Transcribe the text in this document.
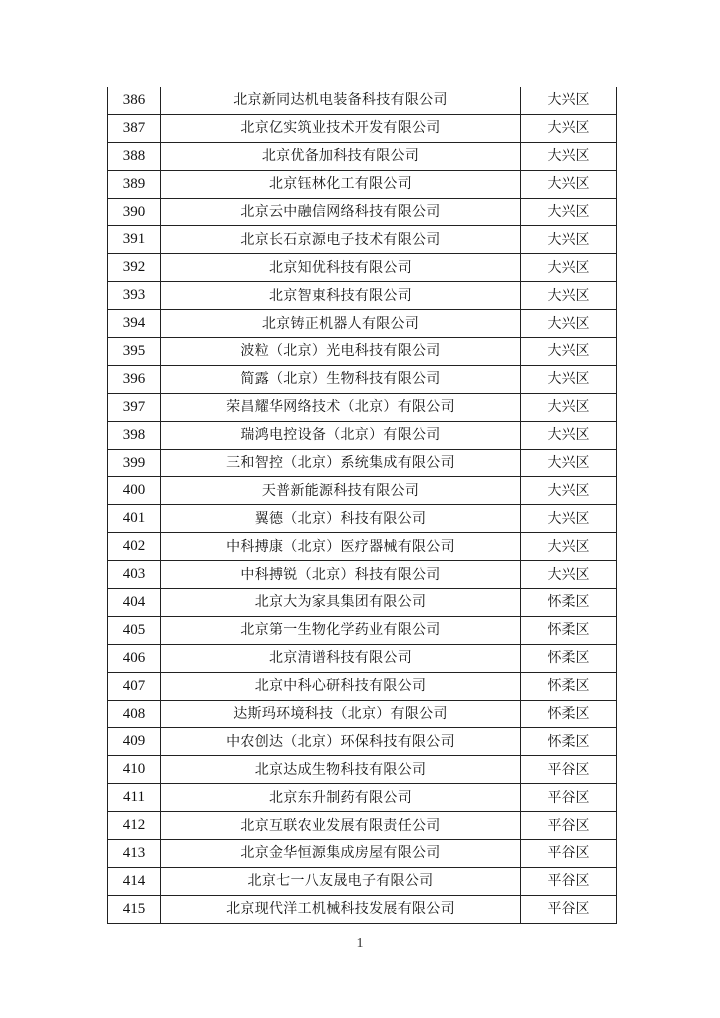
386	北京新同达机电装备科技有限公司	大兴区
387	北京亿实筑业技术开发有限公司	大兴区
388	北京优备加科技有限公司	大兴区
389	北京钰林化工有限公司	大兴区
390	北京云中融信网络科技有限公司	大兴区
391	北京长石京源电子技术有限公司	大兴区
392	北京知优科技有限公司	大兴区
393	北京智東科技有限公司	大兴区
394	北京铸正机器人有限公司	大兴区
395	波粒（北京）光电科技有限公司	大兴区
396	简露（北京）生物科技有限公司	大兴区
397	荣昌耀华网络技术（北京）有限公司	大兴区
398	瑞鸿电控设备（北京）有限公司	大兴区
399	三和智控（北京）系统集成有限公司	大兴区
400	天普新能源科技有限公司	大兴区
401	翼德（北京）科技有限公司	大兴区
402	中科搏康（北京）医疗器械有限公司	大兴区
403	中科搏锐（北京）科技有限公司	大兴区
404	北京大为家具集团有限公司	怀柔区
405	北京第一生物化学药业有限公司	怀柔区
406	北京清谱科技有限公司	怀柔区
407	北京中科心研科技有限公司	怀柔区
408	达斯玛环境科技（北京）有限公司	怀柔区
409	中农创达（北京）环保科技有限公司	怀柔区
410	北京达成生物科技有限公司	平谷区
411	北京东升制药有限公司	平谷区
412	北京互联农业发展有限责任公司	平谷区
413	北京金华恒源集成房屋有限公司	平谷区
414	北京七一八友晟电子有限公司	平谷区
415	北京现代洋工机械科技发展有限公司	平谷区
1
